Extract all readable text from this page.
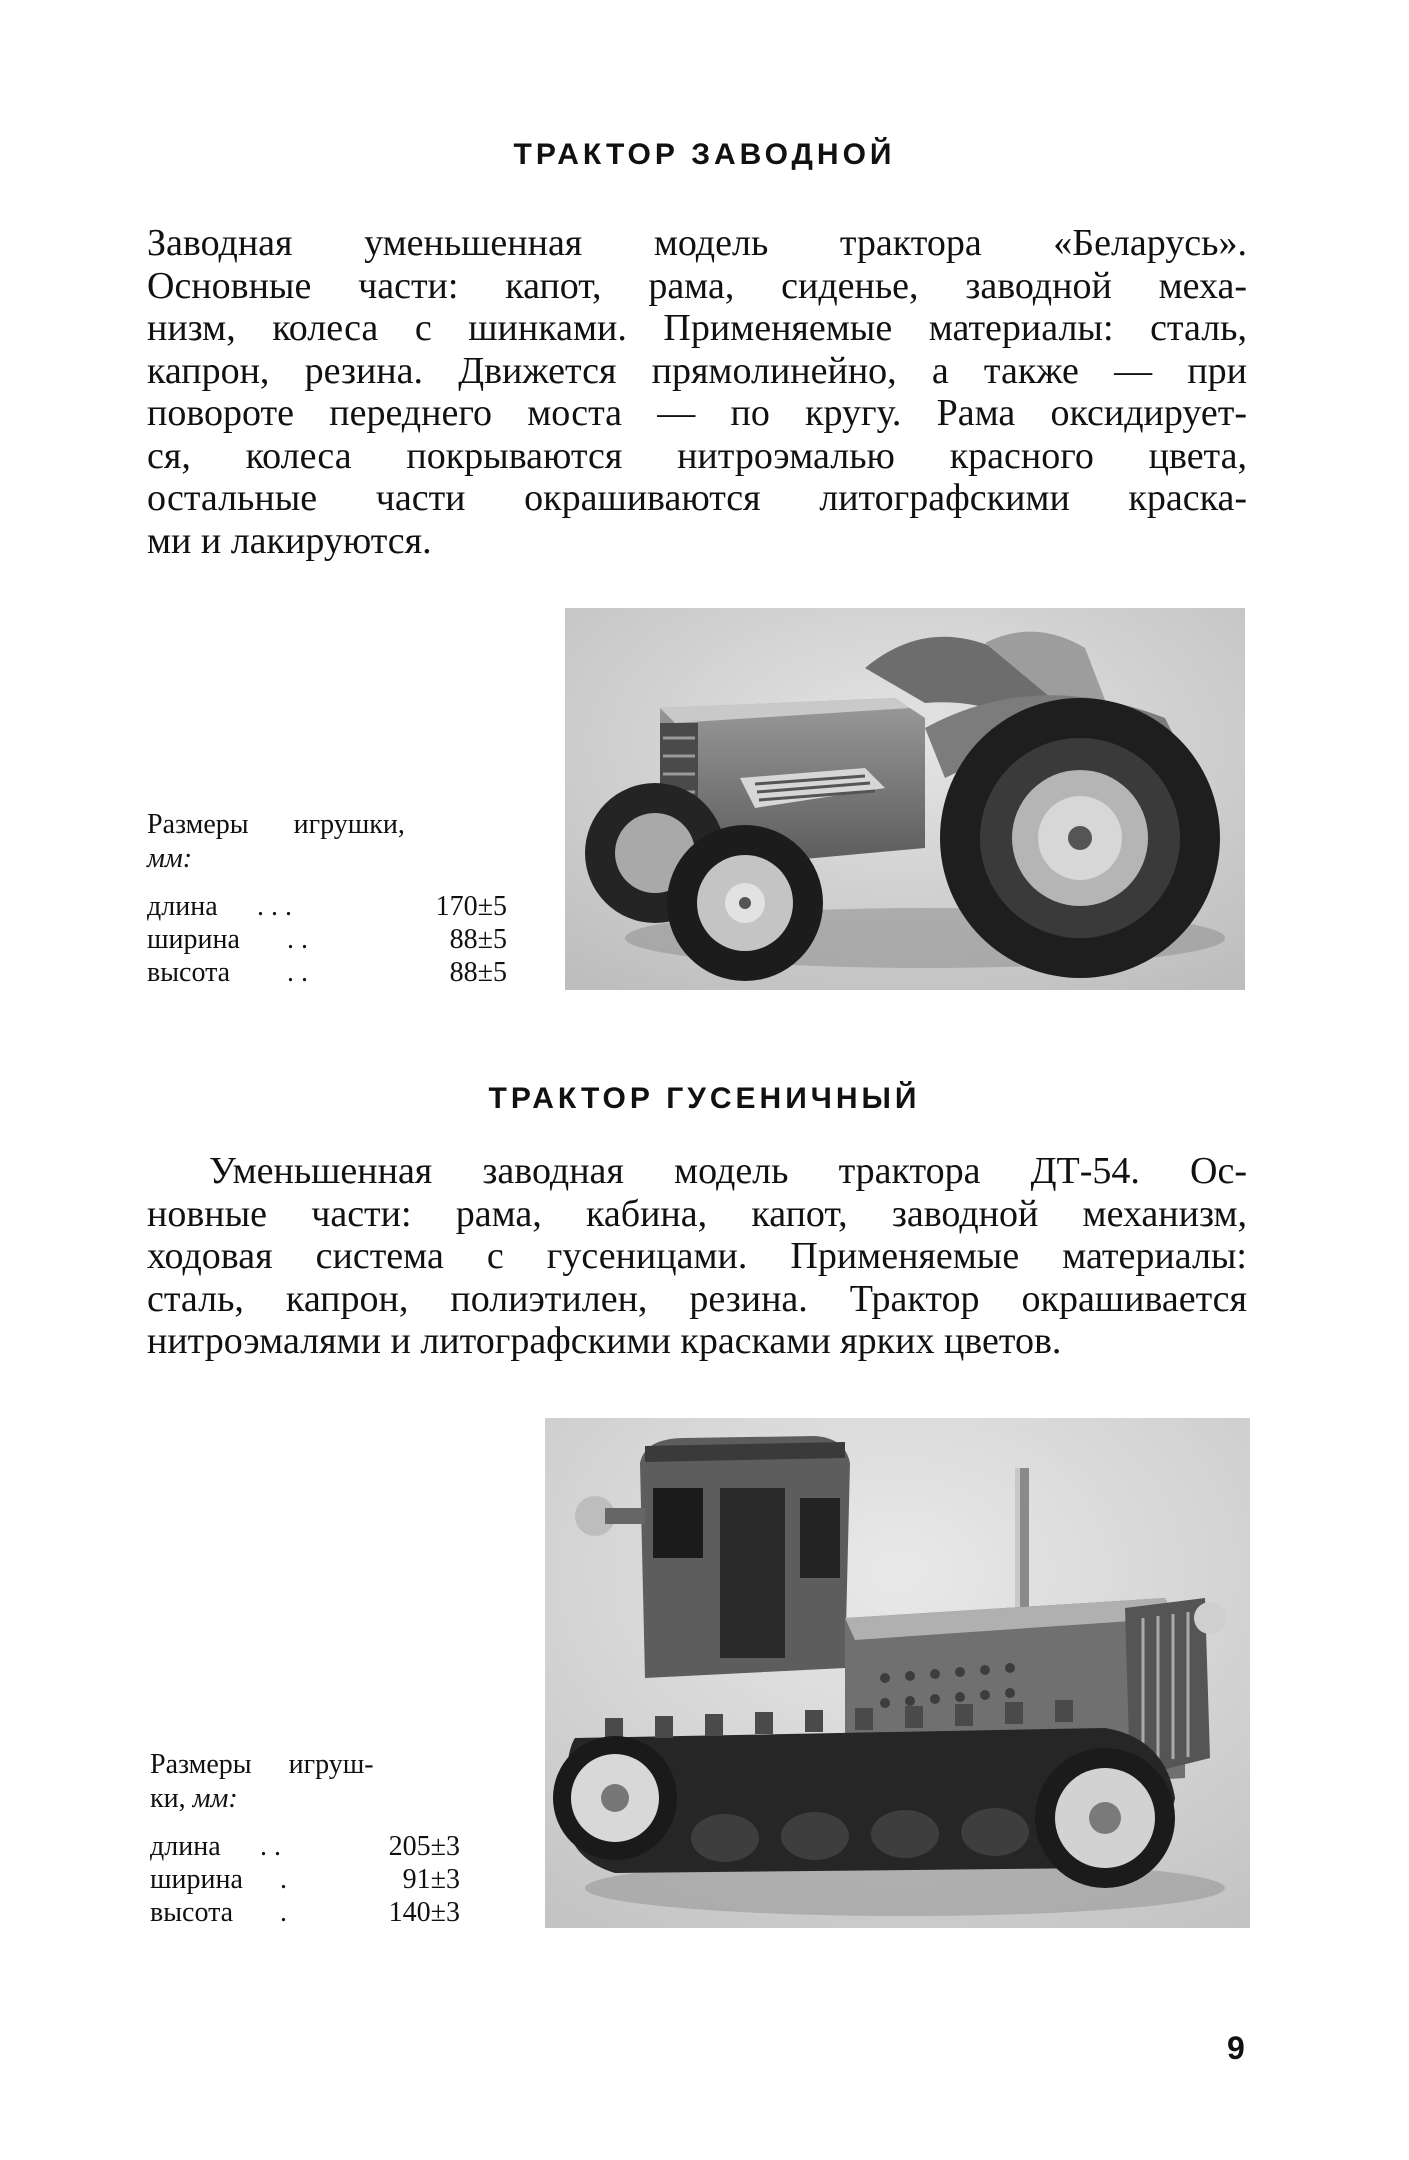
ТРАКТОР ЗАВОДНОЙ
Заводная уменьшенная модель трактора «Беларусь».
Основные части: капот, рама, сиденье, заводной меха-
низм, колеса с шинками. Применяемые материалы: сталь,
капрон, резина. Движется прямолинейно, а также — при
повороте переднего моста — по кругу. Рама оксидирует-
ся, колеса покрываются нитроэмалью красного цвета,
остальные части окрашиваются литографскими краска-
ми и лакируются.
Размеры игрушки,
мм:
длина	. . .	170±5
ширина	. .	88±5
высота	. .	88±5
ТРАКТОР ГУСЕНИЧНЫЙ
Уменьшенная заводная модель трактора ДТ-54. Ос-
новные части: рама, кабина, капот, заводной механизм,
ходовая система с гусеницами. Применяемые материалы:
сталь, капрон, полиэтилен, резина. Трактор окрашивается
нитроэмалями и литографскими красками ярких цветов.
Размеры игруш-
ки, мм:
длина	. .	205±3
ширина	.	91±3
высота	.	140±3
9
